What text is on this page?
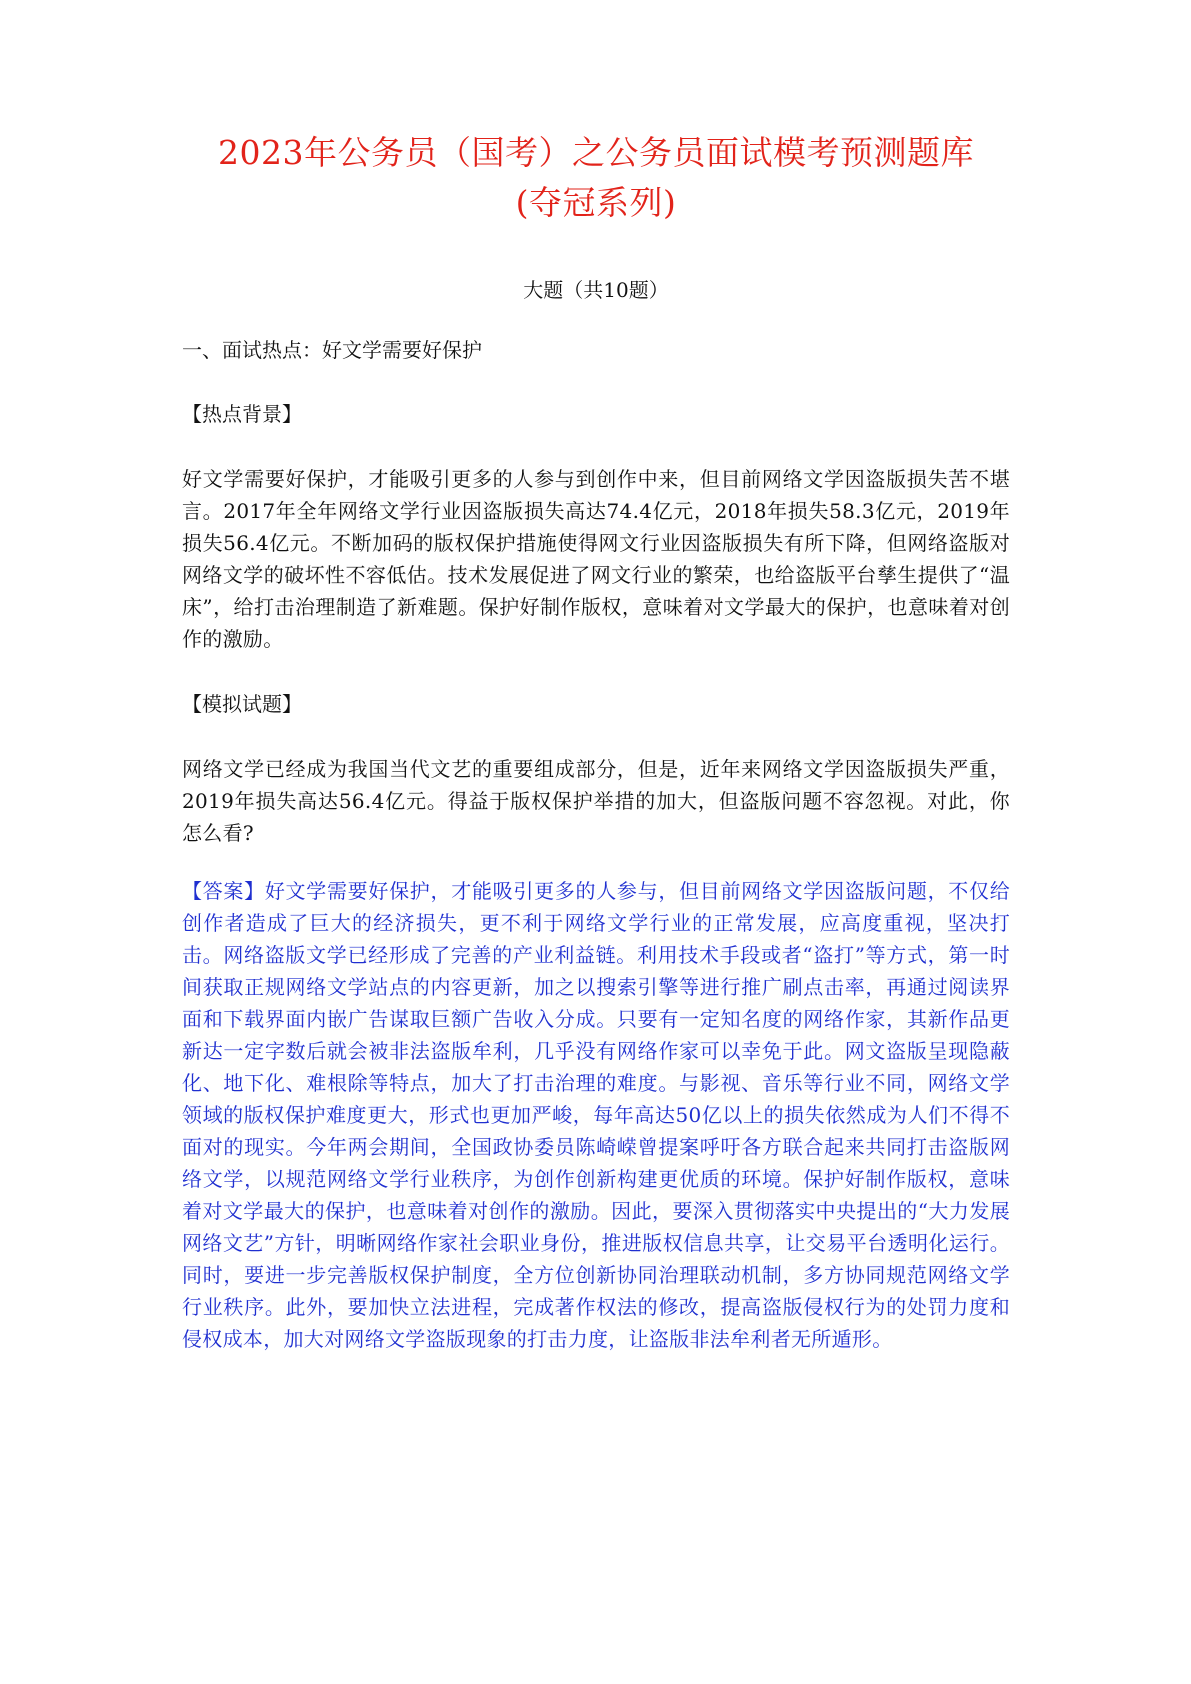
2023年公务员（国考）之公务员面试模考预测题库
(夺冠系列)

大题（共10题）

一、面试热点：好文学需要好保护

【热点背景】

好文学需要好保护，才能吸引更多的人参与到创作中来，但目前网络文学因盗版损失苦不堪言。2017年全年网络文学行业因盗版损失高达74.4亿元，2018年损失58.3亿元，2019年损失56.4亿元。不断加码的版权保护措施使得网文行业因盗版损失有所下降，但网络盗版对网络文学的破坏性不容低估。技术发展促进了网文行业的繁荣，也给盗版平台孳生提供了“温床”，给打击治理制造了新难题。保护好制作版权，意味着对文学最大的保护，也意味着对创作的激励。

【模拟试题】

网络文学已经成为我国当代文艺的重要组成部分，但是，近年来网络文学因盗版损失严重，2019年损失高达56.4亿元。得益于版权保护举措的加大，但盗版问题不容忽视。对此，你怎么看?

【答案】好文学需要好保护，才能吸引更多的人参与，但目前网络文学因盗版问题，不仅给创作者造成了巨大的经济损失，更不利于网络文学行业的正常发展，应高度重视，坚决打击。网络盗版文学已经形成了完善的产业利益链。利用技术手段或者“盗打”等方式，第一时间获取正规网络文学站点的内容更新，加之以搜索引擎等进行推广刷点击率，再通过阅读界面和下载界面内嵌广告谋取巨额广告收入分成。只要有一定知名度的网络作家，其新作品更新达一定字数后就会被非法盗版牟利，几乎没有网络作家可以幸免于此。网文盗版呈现隐蔽化、地下化、难根除等特点，加大了打击治理的难度。与影视、音乐等行业不同，网络文学领域的版权保护难度更大，形式也更加严峻，每年高达50亿以上的损失依然成为人们不得不面对的现实。今年两会期间，全国政协委员陈崎嵘曾提案呼吁各方联合起来共同打击盗版网络文学，以规范网络文学行业秩序，为创作创新构建更优质的环境。保护好制作版权，意味着对文学最大的保护，也意味着对创作的激励。因此，要深入贯彻落实中央提出的“大力发展网络文艺”方针，明晰网络作家社会职业身份，推进版权信息共享，让交易平台透明化运行。同时，要进一步完善版权保护制度，全方位创新协同治理联动机制，多方协同规范网络文学行业秩序。此外，要加快立法进程，完成著作权法的修改，提高盗版侵权行为的处罚力度和侵权成本，加大对网络文学盗版现象的打击力度，让盗版非法牟利者无所遁形。
